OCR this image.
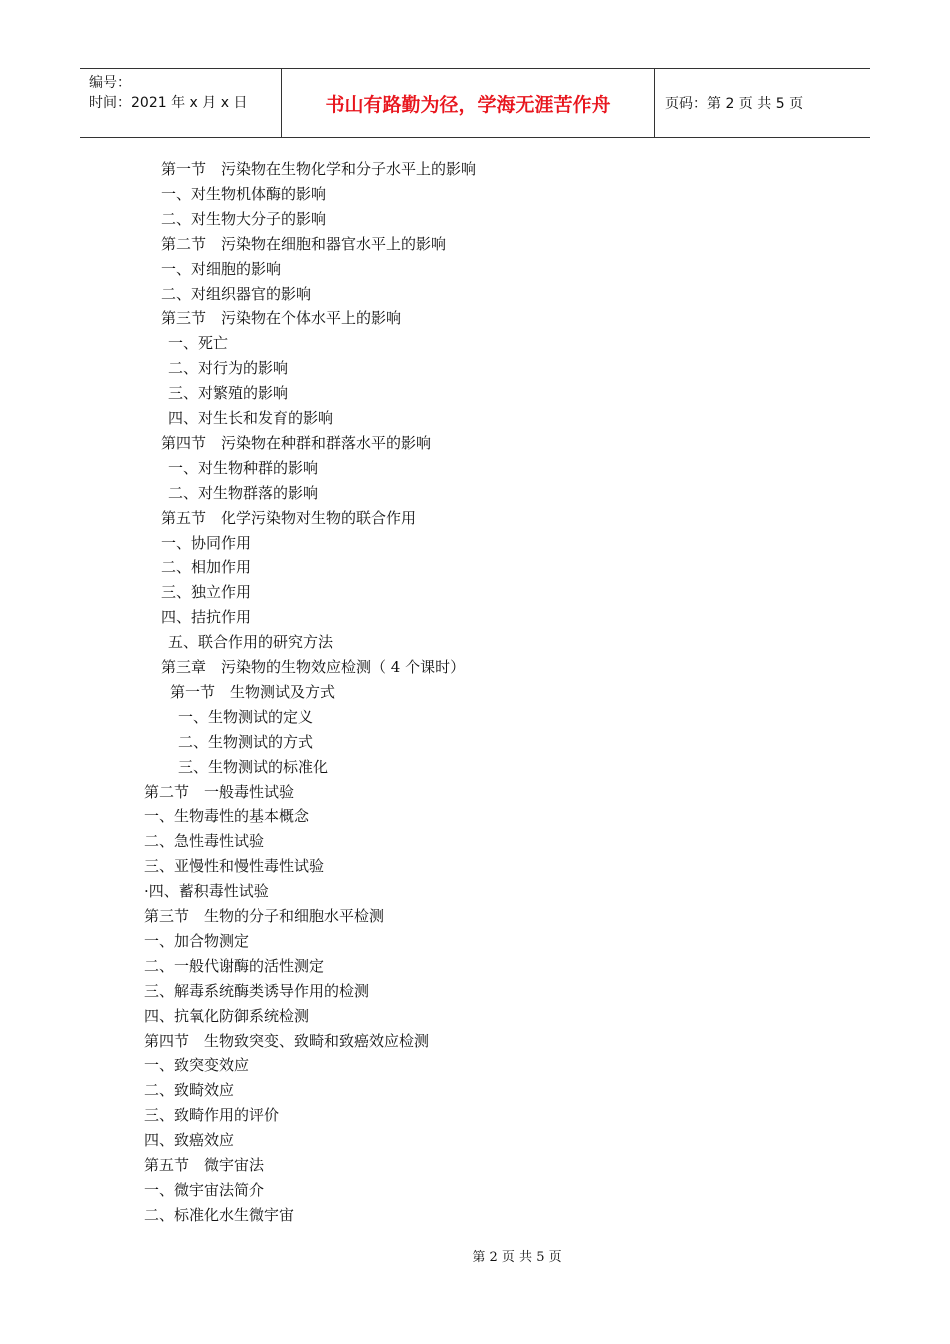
编号：
时间：2021 年 x 月 x 日	书山有路勤为径，学海无涯苦作舟	页码：第 2 页 共 5 页
第一节　污染物在生物化学和分子水平上的影响
一、对生物机体酶的影响
二、对生物大分子的影响
第二节　污染物在细胞和器官水平上的影响
一、对细胞的影响
二、对组织器官的影响
第三节　污染物在个体水平上的影响
一、死亡
二、对行为的影响
三、对繁殖的影响
四、对生长和发育的影响
第四节　污染物在种群和群落水平的影响
一、对生物种群的影响
二、对生物群落的影响
第五节　化学污染物对生物的联合作用
一、协同作用
二、相加作用
三、独立作用
四、拮抗作用
五、联合作用的研究方法
第三章　污染物的生物效应检测（ 4 个课时）
第一节　生物测试及方式
一、生物测试的定义
二、生物测试的方式
三、生物测试的标准化
第二节　一般毒性试验
一、生物毒性的基本概念
二、急性毒性试验
三、亚慢性和慢性毒性试验
·四、蓄积毒性试验
第三节　生物的分子和细胞水平检测
一、加合物测定
二、一般代谢酶的活性测定
三、解毒系统酶类诱导作用的检测
四、抗氧化防御系统检测
第四节　生物致突变、致畸和致癌效应检测
一、致突变效应
二、致畸效应
三、致畸作用的评价
四、致癌效应
第五节　微宇宙法
一、微宇宙法简介
二、标准化水生微宇宙
第 2 页 共 5 页
